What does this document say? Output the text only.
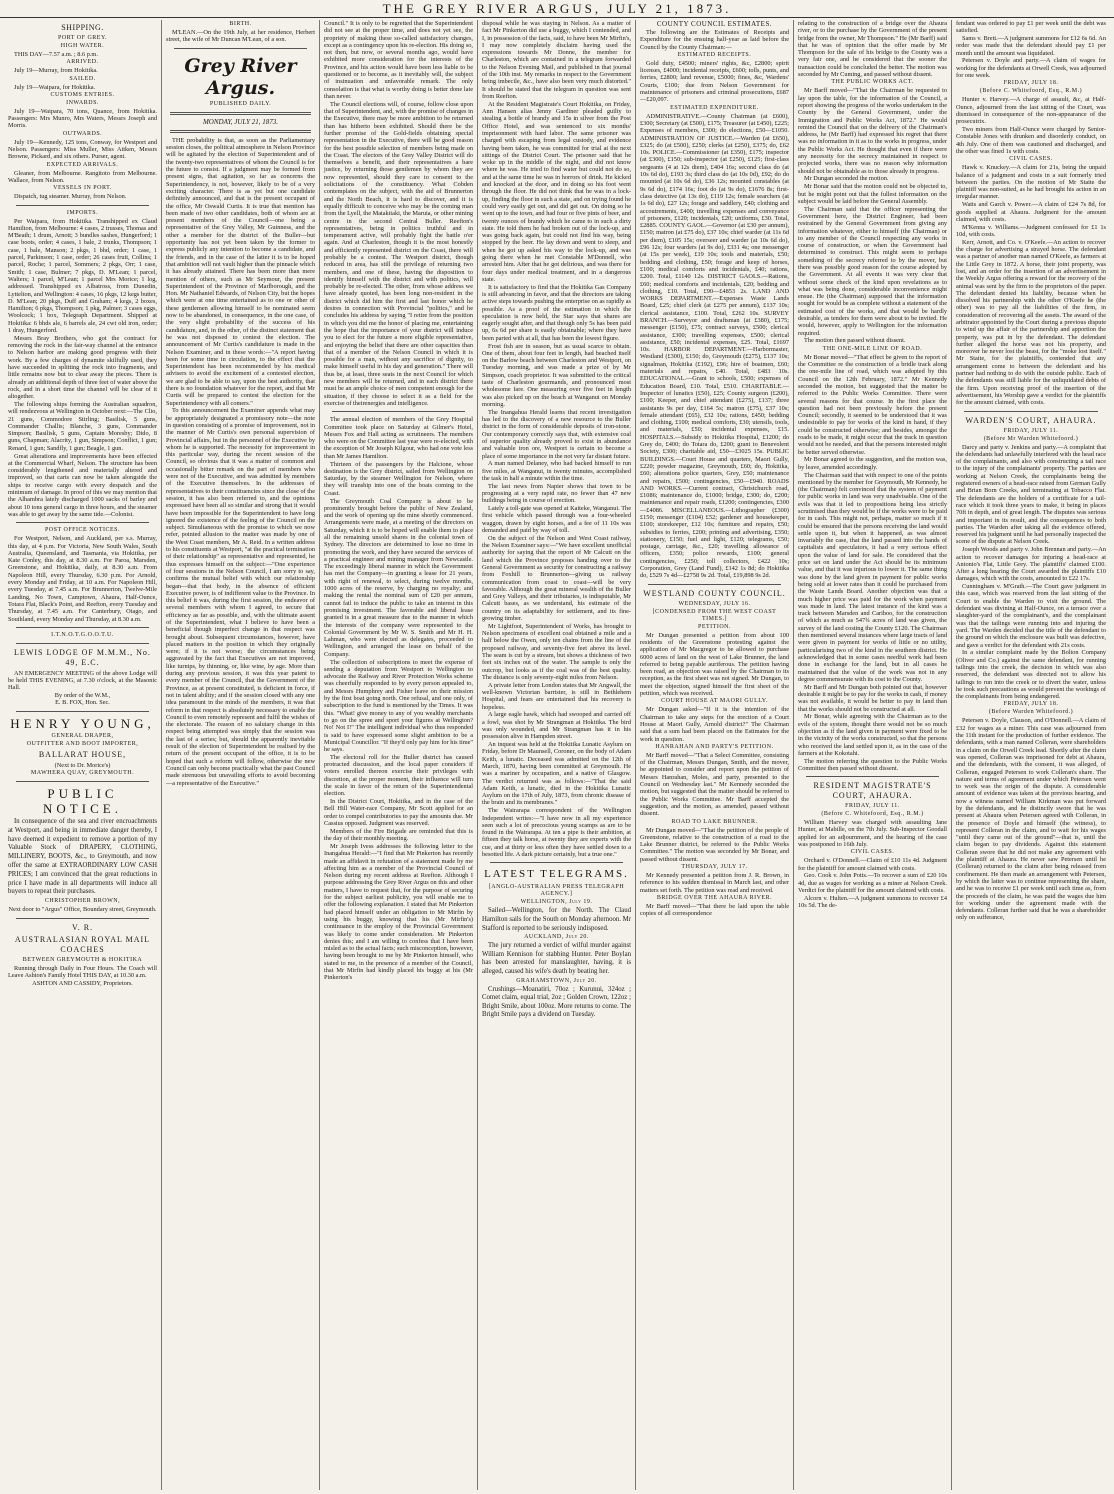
THE GREY RIVER ARGUS, JULY 21, 1873.
SHIPPING.
PORT OF GREY.
HIGH WATER.

THIS DAY—7.57 a.m. ; 8.6 p.m.

ARRIVED.

July 19—Murray, from Hokitika.

SAILED.

July 19—Waipara, for Hokitika.

CUSTOMS ENTRIES.
INWARDS.

July 19—Waipara, 70 tons, Quance, from Hokitika. Passengers: Mrs Munro, Mrs Waters, Messrs Joseph and Morris.

OUTWARDS.

July 19—Kennedy, 125 tons, Conway, for Westport and Nelson. Passengers: Miss Muller, Miss Aitken, Messrs Browne, Pickard, and six others. Purser, agent.

EXPECTED ARRIVALS.

Gleaner, from Melbourne. Rangitoto from Melbourne. Wallace, from Nelson.

VESSELS IN PORT.

Dispatch, tug steamer. Murray, from Nelson.

IMPORTS.

Per Waipara, from Hokitika. Transhipped ex Claud Hamilton, from Melbourne: 4 cases, 2 trusses, Thomas and M'Beath; 1 drum, Arnott; 3 bundles sashes, Hungerford; 1 case boots, order; 4 cases, 1 bale, 2 trunks, Thompson; 1 case, 1 bale, Manson; 2 pkgs, 1 bhd, order; 1 case, 1 parcel, Parkinson; 1 case, order; 26 cases fruit, Collins; 1 parcel, Roche; 1 parcel, Sommers; 2 pkgs, Orr; 1 case, Smith; 1 case, Bulmer; 7 pkgs, D. M'Lean; 1 parcel, Walters; 1 parcel, M'Lean; 1 parcel Mrs Morice; 1 log, addressed. Transhipped ex Albatross, from Dunedin, Lyttelton, and Wellington: 4 cases, 16 pkgs, 12 kegs butter, D. M'Lean; 20 pkgs, Duff and Graham; 4 kegs, 2 boxes, Hamilton; 6 pkgs, Thompson; 1 pkg, Palmer; 3 cases eggs, Woolcock; 1 box, Telegraph Department. Shipped at Hokitika: 6 bhds ale, 6 barrels ale, 24 cwt old iron, order; 1 dray, Hungerford.

Messrs Bray Brothers, who got the contract for removing the rock in the fair-way channel at the entrance to Nelson harbor are making good progress with their work. By a few charges of dynamite skilfully used, they have succeeded in splitting the rock into fragments, and little remains now but to clear away the pieces. There is already an additional depth of three feet of water above the rock, and in a short time the channel will be clear of it altogether.

The following ships forming the Australian squadron, will rendezvous at Wellington in October next:—The Clio, 21 guns, Commodore Stirling; Basilisk, 5 guns, Commander Challis; Blanche, 3 guns, Commander Simpson; Basilisk, 5 guns, Captain Moresby; Dido, 8 guns, Chapman; Alacrity, 1 gun, Simpson; Conflict, 1 gun; Renard, 1 gun; Sandfly, 1 gun; Beagle, 1 gun.

Great alterations and improvements have been effected at the Commercial Wharf, Nelson. The structure has been considerably lengthened and materially altered and improved, so that carts can now be taken alongside the ships to receive cargo with every despatch and the minimum of damage. In proof of this we may mention that the Alhambra lately discharged 1000 sacks of barley and about 10 tons general cargo in three hours, and the steamer was able to get away by the same tide.—Colonist.

POST OFFICE NOTICES.

For Westport, Nelson, and Auckland, per s.s. Murray, this day, at 4 p.m. For Victoria, New South Wales, South Australia, Queensland, and Tasmania, via Hokitika, per Kate Conley, this day, at 8.30 a.m. For Paroa, Marsden, Greenstone, and Hokitika, daily, at 8.30 a.m. From Napoleon Hill, every Thursday, 6.30 p.m. For Arnold, every Monday and Friday, at 10 a.m. For Napoleon Hill, every Tuesday, at 7.45 a.m. For Brunnerton, Twelve-Mile Landing, No Town, Camptown, Ahaura, Half-Ounce, Totara Flat, Black's Point, and Reefton, every Tuesday and Thursday, at 7.45 a.m. For Canterbury, Otago, and Southland, every Monday and Thursday, at 8.30 a.m.

I.T.N.O.T.G.O.O.T.U.
LEWIS LODGE OF M.M.M., No. 49, E.C.

AN EMERGENCY MEETING of the above Lodge will be held THIS EVENING, at 7.30 o'clock, at the Masonic Hall.

By order of the W.M.,
E. B. FOX, Hon. Sec.
HENRY YOUNG,
GENERAL DRAPER,
OUTFITTER AND BOOT IMPORTER,
BALLARAT HOUSE,
(Next to Dr. Morice's)
MAWHERA QUAY, GREYMOUTH.
PUBLIC NOTICE.

In consequence of the sea and river encroachments at Westport, and being in immediate danger thereby, I have deemed it expedient to remove a portion of my Valuable Stock of DRAPERY, CLOTHING, MILLINERY, BOOTS, &c., to Greymouth, and now offer the same at EXTRAORDINARY LOW CASH PRICES; I am convinced that the great reductions in price I have made in all departments will induce all buyers to repeat their purchases.

CHRISTOPHER BROWN,
Next door to "Argus" Office, Boundary street, Greymouth.
V. R.
AUSTRALASIAN ROYAL MAIL COACHES
BETWEEN GREYMOUTH & HOKITIKA

Running through Daily in Four Hours. The Coach will Leave Ashton's Family Hotel THIS DAY, at 10.30 a.m.

ASHTON AND CASSIDY, Proprietors.
BIRTH.

M'LEAN.—On the 19th July, at her residence, Herbert street, the wife of Mr Duncan M'Lean, of a son.

Grey River Argus.
PUBLISHED DAILY.
MONDAY, JULY 21, 1873.

THE probability is that, as soon as the Parliamentary session closes, the political atmosphere in Nelson Province will be agitated by the election of Superintendent and of the twenty-two representatives of whom the Council is for the future to consist. If a judgment may be formed from present signs, that agitation, so far as concerns the Superintendency, is not, however, likely to be of a very exciting character. There is as yet but one candidate definitely announced, and that is the present occupant of the office, Mr Oswald Curtis. It is true that mention has been made of two other candidates, both of whom are at present members of the Council—one being a representative of the Grey Valley, Mr Guinness, and the other a member for the district of the Buller—but opportunity has not yet been taken by the former to express publicly any intention to become a candidate, and the friends, and in the case of the latter it is to be hoped that ambition will not vault higher than the pinnacle which it has already attained. There has been more than mere mention of others, such as Mr Seymour, the present Superintendent of the Province of Marlborough, and the Hon. Mr Nathaniel Edwards, of Nelson City, but the hopes which were at one time entertained as to one or other of these gentlemen allowing himself to be nominated seem now to be abandoned, in consequence, in the one case, of the very slight probability of the success of his candidature, and, in the other, of the distinct statement that he was not disposed to contest the election. The announcement of Mr Curtis's candidature is made in the Nelson Examiner, and in these words:—"A report having been for some time in circulation, to the effect that the Superintendent has been recommended by his medical advisers to avoid the excitement of a contested election, we are glad to be able to say, upon the best authority, that there is no foundation whatever for the report, and that Mr Curtis will be prepared to contest the election for the Superintendency with all comers."

To this announcement the Examiner appends what may be appropriately designated a promissory note—the note in question consisting of a promise of improvement, not in the manner of Mr Curtis's own personal supervision of Provincial affairs, but in the personnel of the Executive by whom he is supported. The necessity for improvement in this particular way, during the recent session of the Council, so obvious that it was a matter of common and occasionally bitter remark on the part of members who were not of the Executive, and was admitted by members of the Executive themselves. In the addresses of representatives to their constituencies since the close of the session, it has also been referred to, and the opinions expressed have been all so similar and strong that it would have been impossible for the Superintendent to have long ignored the existence of the feeling of the Council on the subject. Simultaneous with the promise to which we now refer, pointed allusion to the matter was made by one of the West Coast members, Mr A. Reid. In a written address to his constituents at Westport, "at the practical termination of their relationship" as representative and represented, he thus expresses himself on the subject:—"One experience of four sessions in the Nelson Council, I am sorry to say, confirms the mutual belief with which our relationship began—that that body, in the absence of efficient Executive power, is of indifferent value to the Province. In this belief it was, during the first session, the endeavor of several members with whom I agreed, to secure that efficiency as far as possible, and, with the ultimate assent of the Superintendent, what I believe to have been a beneficial though imperfect change in that respect was brought about. Subsequent circumstances, however, have placed matters in the position in which they originally were; if it is not worse; the circumstances being aggravated by the fact that Executives are not improved, like turnips, by thinning, or, like wine, by age. More than during any previous session, it was this year patent to every member of the Council, that the Government of the Province, as at present constituted, is deficient in force, if not in talent ability; and if the session closed with any one idea paramount in the minds of the members, it was that reform in that respect is absolutely necessary to enable the Council to even remotely represent and fulfil the wishes of the electorate. The reason of no salutary change in this respect being attempted was simply that the session was the last of a series; but, should the apparently inevitable result of the election of Superintendent be realised by the return of the present occupant of the office, it is to be hoped that such a reform will follow, otherwise the new Council can only become practically what the past Council made strenuous but unavailing efforts to avoid becoming—a representative of the Executive."

Council." It is only to be regretted that the Superintendent did not see at the proper time, and does not yet see, the propriety of making these so-called satisfactory changes, except as a contingency upon his re-election. His doing so, not then, but now, or several months ago, would have exhibited more consideration for the interests of the Province, and his action would have been less liable to be questioned or to become, as it inevitably will, the subject of insinuation and unfavorable remark. The only consolation is that what is worthy doing is better done late than never.

The Council elections will, of course, follow close upon that of Superintendent, and, with the promise of changes in the Executive, there may be more ambition to be returned than has hitherto been exhibited. Should there be the further promise of the Gold-fields obtaining special representation in the Executive, there will be good reason for the best possible selection of members being made on the Coast. The electors of the Grey Valley District will do themselves a benefit, and their representatives a bare justice, by returning those gentlemen by whom they are now represented, should they care to consent to the solicitations of the constituency. What Cobden contemplates on the subject, with the aid of Brunnerton and the North Beach, it is hard to discover, and it is equally difficult to conceive who may be the coming man from the Lyell, the Matakitaki, the Maruia, or other mining centre in the second Central Buller. Reefton's representatives, being in politics truthful and in temperament active, will probably fight the battle o'er again. And at Charleston, though it is the most honestly and efficiently represented district on the Coast, there will probably be a contest. The Westport district, though reduced in area, has still the privilege of returning two members, and one of these, having the disposition to identify himself with the district and with politics, will probably be re-elected. The other, from whose address we have already quoted, has been long non-resident in the district which did him the first and last honor which he desires in connection with Provincial "politics," and he concludes his address by saying "I retire from the position in which you did me the honor of placing me, entertaining the hope that the importance of your district will induce you to elect for the future a more eligible representative, and enjoying the belief that there are other capacities than that of a member of the Nelson Council in which it is possible for a man, without any sacrifice of dignity, to make himself useful in his day and generation." There will thus be, at least, three seats in the next Council for which new members will be returned, and in each district there must be an ample choice of men competent enough for the situation, if they choose to select it as a field for the exercise of theirenergies and intelligence.

The annual election of members of the Grey Hospital Committee took place on Saturday at Gilmer's Hotel, Messrs Fox and Hall acting as scrutineers. The members who were on the Committee last year were re-elected, with the exception of Mr Joseph Kilgour, who had one vote less than Mr James Hamilton.

Thirteen of the passengers by the Halcione, whose destination is the Grey district, sailed from Wellington on Saturday, by the steamer Wellington for Nelson, where they will tranship into one of the boats coming to the Coast.

The Greymouth Coal Company is about to be prominently brought before the public of New Zealand, and the work of opening up the mine shortly commenced. Arrangements were made, at a meeting of the directors on Saturday, which it is to be hoped will enable them to place all the remaining unsold shares in the colonial town of Sydney. The directors are determined to lose no time in promoting the work, and they have secured the services of a practical engineer and mining manager from Newcastle. The exceedingly liberal manner in which the Government has met the Company—in granting a lease for 21 years, with right of renewal, to select, during twelve months, 1000 acres of the reserve, by charging no royalty; and making the rental the nominal sum of £20 per annum, cannot fail to induce the public to take an interest in this promising investment. The favorable and liberal lease granted is in a great measure due to the manner in which the interests of the company were represented to the Colonial Government by Mr W. S. Smith and Mr H. H. Lahman, who were elected as delegates, proceeded to Wellington, and arranged the lease on behalf of the Company.

The collection of subscriptions to meet the expense of sending a deputation from Westport to Wellington to advocate the Railway and River Protection Works scheme was cheerfully responded to by every person appealed to, and Messrs Humphrey and Fisher leave on their mission by the first boat going north. One refusal, and one only, of subscription to the fund is mentioned by the Times. It was this. "What! give money to any of you wealthy merchants to go on the spree and sport your figures at Wellington? No! Not I!" The intelligent individual who thus responded is said to have expressed some slight ambition to be a Municipal Councillor. "If they'd only pay him for his time" he says.

The electoral roll for the Buller district has caused protracted discussion, and the local paper considers if voters enrolled thereon exercise their privileges with discretion, at the proper moment, their influence will turn the scale in favor of the return of the Superintendental election.

In the District Court, Hokitika, and in the case of the Bell Hill Water-race Company, Mr Scott applied for an order to compel contributories to pay the amounts due. Mr Cassius opposed. Judgment was reserved.

Members of the Fire Brigade are reminded that this is the day of their monthly meeting.

Mr Joseph Ivess addresses the following letter to the Inangahua Herald:—"I find that Mr Pinkerton has recently made an affidavit in refutation of a statement made by me affecting him as a member of the Provincial Council of Nelson during my recent address at Reefton. Although I purpose addressing the Grey River Argus on this and other matters, I have to request that, for the purpose of securing for the subject earliest publicity, you will enable me to offer the following explanation. I stated that Mr Pinkerton had placed himself under an obligation to Mr Mirfin by using his buggy, knowing that his (Mr Mirfin's) continuance in the employ of the Provincial Government was likely to come under consideration. Mr Pinkerton denies this; and I am willing to confess that I have been misled as to the actual facts; such misconception, however, having been brought to me by Mr Pinkerton himself, who stated to me, in the presence of a member of the Council, that Mr Mirfin had kindly placed his buggy at his (Mr Pinkerton's

disposal while he was staying in Nelson. As a matter of fact Mr Pinkerton did use a buggy, which I contended, and I, in possession of the facts, said, to have been Mr Mirfin's, I may now completely disclaim having used the expressions towards Mr Donne, the member for Charleston, which are contained in a telegram forwarded to the Nelson Evening Mail, and published in that journal of the 10th inst. My remarks in respect to the Government being imbecile, &c., have also been very much distorted." It should be stated that the telegram in question was sent from Reefton.

At the Resident Magistrate's Court Hokitika, on Friday, Ann Hansen alias Jenny Gardiner pleaded guilty to stealing a bottle of brandy and 15s in silver from the Post Office Hotel, and was sentenced to six months' imprisonment with hard labor. The same prisoner was charged with escaping from legal custody, and evidence having been taken, he was committed for trial at the next sittings of the District Court. The prisoner said that he woke up in the middle of the night, and did not know where he was. He tried to find water but could not do so, and at the same time he was in horrors of drink. He kicked and knocked at the door, and in doing so his foot went through the floor. He did not think that he was in a lock-up, finding the floor in such a state, and on trying found he could very easily get out, and did get out. On doing so he went up to the town, and had four or five pints of beer, and twenty ounces of brandy which he came to in such a dirty state. He told them he had broken out of the lock-up, and was going back again, but could not find his way, being stopped by the beer. He lay down and went to sleep, and when he got up asked his way to the lock-up, and was going there when he met Constable M'Donnell, who arrested him. After that he got delirious, and was there for four days under medical treatment, and in a dangerous state.

It is satisfactory to find that the Hokitika Gas Company is still advancing in favor, and that the directors are taking active steps towards pushing the enterprise on as rapidly as possible. As a proof of the estimation in which the speculation is now held, the Star says that shares are eagerly sought after, and that though only 5s has been paid up, 6s 6d per share is easily obtainable; where they have been parted with at all, that has been the lowest figure.

Frost fish are in season, but as usual scarce to obtain. One of them, about four feet in length, had beached itself on the Barlow beach between Charleston and Westport, on Tuesday morning, and was made a prize of by Mr Simpson, coach proprietor. It was submitted to the critical taste of Charleston gourmands, and pronounced most wholesome fare. One measuring over five feet in length was also picked up on the beach at Wanganui on Monday morning.

The Inangahua Herald learns that recent investigation has led to the discovery of a new resource to the Buller district in the form of considerable deposits of iron-stone. Our contemporary correctly says that, with extensive coal of superior quality already proved to exist in abundance and valuable iron ore, Westport is certain to become a place of some importance in the not very far distant future.

A man named Delaney, who had backed himself to run five miles, at Wanganui, in twenty minutes, accomplished the task in half a minute within the time.

The last news from Napier shows that town to be progressing at a very rapid rate, no fewer than 47 new buildings being in course of erection.

Lately a toll-gate was opened at Kaiteke, Wanganui. The first vehicle which passed through was a four-wheeled waggon, drawn by eight horses, and a fee of 11 10s was demanded and paid by way of toll.

On the subject of the Nelson and West Coast railway, the Nelson Examiner says:—"We have excellent unofficial authority for saying that the report of Mr Calcutt on the land which the Province proposes handing over to the General Government as security for constructing a railway from Foxhill to Brunnerton—giving us railway communication from coast to coast—will be very favorable. Although the great mineral wealth of the Buller and Grey Valleys, and their tributaries, is indisputable, Mr Calcutt bases, as we understand, his estimate of the country on its adaptability for settlement, and its fine-growing timber.

Mr Lightfoot, Superintendent of Works, has brought to Nelson specimens of excellent coal obtained a mile and a half below the Owen, only ten chains from the line of the proposed railway, and seventy-five feet above its level. The seam is cut by a stream, but shows a thickness of two feet six inches out of the water. The sample is only the outcrop, but looks as if the coal was of the best quality. The distance is only seventy-eight miles from Nelson.

A private letter from London states that Mr Angwall, the well-known Victorian barrister, is still in Bethlehem Hospital, and fears are entertained that his recovery is hopeless.

A large eagle hawk, which had swooped and carried off a fowl, was shot by Mr Strangman at Hokitika. The bird was only wounded, and Mr Strangman has it in his possession alive in Hampden street.

An inquest was held at the Hokitika Lunatic Asylum on Friday, before Dr Maunsell, Coroner, on the body of Adam Keith, a lunatic. Deceased was admitted on the 12th of March, 1870, having been committed at Greymouth. He was a mariner by occupation, and a native of Glasgow. The verdict returned was as follows:—"That the said Adam Keith, a lunatic, died in the Hokitika Lunatic Asylum on the 17th of July, 1873, from chronic disease of the brain and its membranes."

The Wairarapa correspondent of the Wellington Independent writes:—"I have now in all my experience seen such a lot of precocious young scamps as are to be found in the Wairarapa. At ten a pipe is their ambition, at fifteen they talk horse, at twenty they are experts with the cue, and at thirty or less often they have settled down to a besotted life. A dark picture certainly, but a true one."

LATEST TELEGRAMS.
[ANGLO-AUSTRALIAN PRESS TELEGRAPH AGENCY.]
WELLINGTON, July 19.

Sailed—Wellington, for the North. The Claud Hamilton sails for the South on Monday afternoon. Mr Stafford is reported to be seriously indisposed.

AUCKLAND, July 20.

The jury returned a verdict of wilful murder against William Kennison for stabbing Hunter. Peter Boylan has been arrested for manslaughter, having, it is alleged, caused his wife's death by beating her.

GRAHAMSTOWN, July 20.

Crushings—Moanatiri, 70oz ; Kurunui, 324oz ; Comet claim, equal trial, 2oz ; Golden Crown, 122oz ; Bright Smile, about 100oz. More returns to come. The Bright Smile pays a dividend on Tuesday.

COUNTY COUNCIL ESTIMATES.

The following are the Estimates of Receipts and Expenditure for the ensuing half-year as laid before the Council by the County Chairman:—

ESTIMATED RECEIPTS.

Gold duty, £4500; miners' rights, &c, £2800; spirit licenses, £4000; incidental receipts, £600; tolls, punts, and ferries, £2800; land revenue, £5000; fines, &c, Wardens' Courts, £100; due from Nelson Government for maintenance of prisoners and criminal prosecutions, £687—£20,097.

ESTIMATED EXPENDITURE.

ADMINISTRATIVE.—County Chairman (at £600), £300; Secretary (at £500), £175; Treasurer (at £450), £225; Expenses of members, £300; do elections, £50—£1050. ADMINISTRATION OF JUSTICE.—Warden (at £650), £325; do (at £500), £250; clerks (at £250), £375; do, £62 10s. POLICE.—Commissioner (at £350), £175; inspector (at £300), £150; sub-inspector (at £250), £125; first-class sergeants (4 at 12s diem), £404 16s; second class do (at 10s 6d do), £193 3s; third class do (at 10s 0d), £92; do do mounted (at 10s 6d do), £36 12s; mounted constables (at 9s 6d do), £174 16s; foot do (at 9s do), £1676 8s; first-class detective (at 13s do), £119 12s; female searchers (at 1s 6d do), £27 12s; forage and saddlery, £40; clothing and accoutrements, £400; travelling expenses and conveyance of prisoners, £120; incidentals, £20; uniforms, £30. Total, £2885. COUNTY GAOL.—Governor (at £30 per annum), £150; matron (at £75 do), £37 10s; chief warder (at 11s 6d per diem), £105 15s; overseer and warder (at 10s 6d do), £96 12s; four warders (at 9s do), £331 4s; one messenger (at 15s per week), £19 10s; tools and materials, £50; bedding and clothing, £50; forage and keep of horses, £100; medical comforts and incidentals, £40; rations, £200. Total, £1140 12s. DISTRICT GAOLS.—Rations, £60; medical comforts and incidentals, £20; bedding and clothing, £10. Total, £90—£4853 2s. LAND AND WORKS DEPARTMENT.—Expenses Waste Lands Board, £25; chief clerk (at £275 per annum), £137 10s; clerical assistance, £100. Total, £262 10s. SURVEY BRANCH.—Surveyor and draftsman (at £380), £175; messenger (£150), £75; contract surveys, £500; clerical assistance, £300; travelling expenses, £500; clerical assistance, £50; incidental expenses, £25. Total, £1697 10s. HARBOR DEPARTMENT.—Harbormaster, Westland (£300), £150; do, Greymouth (£275), £137 10s; signalman, Hokitika (£192), £96; hire of boatmen, £60; materials and repairs, £40. Total, £483 10s. EDUCATIONAL.—Grant to schools, £500; expenses of Education Board, £10. Total, £510. CHARITABLE.—Inspector of lunatics (£50), £25; County surgeon (£200), £100; Keeper, and chief attendant (£275), £137; three assistants 9s per day, £164 5s; matron (£75), £37 10s; female attendant (£65), £32 10s; rations, £450; bedding and clothing, £100; medical comforts, £30; utensils, tools, and materials, £50; incidental expenses, £15. HOSPITALS.—Subsidy to Hokitika Hospital, £1200; do Grey do, £400; do Totara do, £200; grant to Benevolent Society, £300; charitable aid, £50—£3025 15s. PUBLIC BUILDINGS.—Court House and quarters, Maori Gully, £220; powder magazine, Greymouth, £60; do, Hokitika, £60; alterations police quarters, Grey, £50; maintenance and repairs, £500; contingencies, £50—£940. ROADS AND WORKS.—Current contract, Christchurch road, £1086; maintenance do, £1000; bridge, £300; do, £200; maintenance and repair roads, £1200; contingencies, £300—£4086. MISCELLANEOUS.—Lithographer (£300) £150; messenger (£104) £52; gardener and housekeeper, £100; storekeeper, £12 10s; furniture and repairs, £50; subsidies to ferries, £200; printing and advertising, £350; stationery, £150; fuel and light, £120; telegrams, £50; postage, carriage, &c., £20; travelling allowance of officers, £350; police rewards, £100; general contingencies, £250; toll collectors, £422 10s; Corporation, Grey (Land Fund), £142 1s 8d; do Hokitika do, £529 7s 4d—£2758 9s 2d. Total, £19,898 9s 2d.

WESTLAND COUNTY COUNCIL.
WEDNESDAY, JULY 16.
[CONDENSED FROM THE WEST COAST TIMES.]
PETITION.

Mr Dungan presented a petition from about 100 residents of the Greenstone protesting against the application of Mr Macgregor to be allowed to purchase 6000 acres of land on the west of Lake Brunner, the land referred to being payable auriferous. The petition having been read, an objection was raised by the Chairman to its reception, as the first sheet was not signed. Mr Dungan, to meet the objection, signed himself the first sheet of the petition, which was received.

COURT HOUSE AT MAORI GULLY.

Mr Dungan asked—"If it is the intention of the Chairman to take any steps for the erection of a Court House at Maori Gully, Arnold district?" The Chairman said that a sum had been placed on the Estimates for the work in question.

HANRAHAN AND PARTY'S PETITION.

Mr Barff moved—"That a Select Committee, consisting of the Chairman, Messrs Dungan, Smith, and the mover, be appointed to consider and report upon the petition of Messrs Hanrahan, Moles, and party, presented to the Council on Wednesday last." Mr Kennedy seconded the motion, but suggested that the matter should be referred to the Public Works Committee. Mr Barff accepted the suggestion, and the motion, as amended, passed without dissent.

ROAD TO LAKE BRUNNER.

Mr Dungan moved—"That the petition of the people of Greenstone, relative to the construction of a road to the Lake Brunner district, be referred to the Public Works Committee." The motion was seconded by Mr Bonar, and passed without dissent.

THURSDAY, JULY 17.

Mr Kennedy presented a petition from J. R. Brown, in reference to his sudden dismissal in March last, and other matters set forth. The petition was read and received.

BRIDGE OVER THE AHAURA RIVER.

Mr Barff moved—"That there be laid upon the table copies of all correspondence

relating to the construction of a bridge over the Ahaura river, or to the purchase by the Government of the present bridge from the owner, Mr Thompson." He (Mr Barff) said that he was of opinion that the offer made by Mr Thompson for the sale of his bridge to the County was a very fair one, and he considered that the sooner the transaction could be concluded the better. The motion was seconded by Mr Cuming, and passed without dissent.

THE PUBLIC WORKS ACT.

Mr Barff moved—"That the Chairman be requested to lay upon the table, for the information of the Council, a report showing the progress of the works undertaken in the County by the General Government, under the Immigration and Public Works Act, 1872." He would remind the Council that on the delivery of the Chairman's address, he (Mr Barff) had expressed his regret that there was no information in it as to the works in progress, under the Public Works Act. He thought that even if there were any necessity for the secrecy maintained in respect to projected works, there was no reason why information should not be obtainable as to those already in progress.

Mr Dungan seconded the motion.

Mr Bonar said that the motion could not be objected to, but he might point out that the fullest information on the subject would be laid before the General Assembly.

The Chairman said that the officer representing the Government here, the District Engineer, had been restrained by the General Government from giving any information whatever, either to himself (the Chairman) or to any member of the Council respecting any works in course of construction, or when the Government had determined to construct. This might seem to perhaps something of the secrecy referred to by the mover, but there was possibly good reason for the course adopted by the Government. At all events it was very clear that without some check of the kind upon revelations as to what was being done, considerable inconvenience might ensue. He (the Chairman) supposed that the information sought for would be as complete without a statement of the estimated cost of the works, and that would be hardly desirable, as tenders for them were about to be invited. He would, however, apply to Wellington for the information required.

The motion then passed without dissent.

THE ONE-MILE LINE OF ROAD.

Mr Bonar moved—"That effect be given to the report of the Committee re the construction of a bridle track along the one-mile line of road, which was adopted by this Council on the 12th February, 1872." Mr Kennedy seconded the motion, but suggested that the matter be referred to the Public Works Committee. There were several reasons for that course. In the first place the question had not been previously before the present Council; secondly, it seemed to be understood that it was undesirable to pay for works of the kind in hand, if they could be constructed otherwise; and besides, amongst the roads to be made, it might occur that the track in question would not be needed, and that the persons interested might be better served otherwise.

Mr Bonar agreed to the suggestion, and the motion was, by leave, amended accordingly.

The Chairman said that with respect to one of the points mentioned by the member for Greymouth, Mr Kennedy, he (the Chairman) felt convinced that the system of payment for public works in land was very unadvisable. One of the evils was that it led to propositions being less strictly scrutinised than they would be if the works were to be paid for in cash. This might not, perhaps, matter so much if it could be ensured that the persons receiving the land would settle upon it, but when it happened, as was almost invariably the case, that the land passed into the hands of capitalists and speculators, it had a very serious effect upon the value of land for sale. He considered that the price set on land under the Act should be its minimum value, and that it was injurious to lower it. The same thing was done by the land given in payment for public works being sold at lower rates than it could be purchased from the Waste Lands Board. Another objection was that a much higher price was paid for the work when payment was made in land. The latest instance of the kind was a track between Marsden and Cariboo, for the construction of which as much as 547¾ acres of land was given, the survey of the land costing the County £120. The Chairman then mentioned several instances where large tracts of land were given in payment for works of little or no utility, particularising two of the kind in the southern district. He acknowledged that in some cases needful work had been done in exchange for the land, but in all cases he maintained that the value of the work was not in any degree commensurate with its cost to the County.

Mr Barff and Mr Dungan both pointed out that, however desirable it might be to pay for the works in cash, if money was not available, it would be better to pay in land than that the works should not be constructed at all.

Mr Bonar, while agreeing with the Chairman as to the evils of the system, thought there would not be so much objection as if the land given in payment were fixed to be in the vicinity of the works constructed, so that the persons who received the land settled upon it, as in the case of the farmers at the Kokotahi.

The motion referring the question to the Public Works Committee then passed without dissent.

RESIDENT MAGISTRATE'S COURT, AHAURA.
FRIDAY, JULY 11.
(Before C. Whitefoord, Esq., R.M.)

William Harvey was charged with assaulting Jane Hunter, at Mabille, on the 7th July. Sub-Inspector Goodall applied for an adjournment, and the hearing of the case was postponed to 16th July.

CIVIL CASES.

Orchard v. O'Donnell.—Claim of £10 11s 4d. Judgment for the plaintiff for amount claimed with costs.

Geo. Cook v. John Potts.—To recover a sum of £20 10s 4d, due as wages for working as a miner at Nelson Creek. Verdict for the plaintiff for the amount claimed with costs.

Alcorn v. Hulten.—A judgment summons to recover £4 10s 5d. The de-

fendant was ordered to pay £1 per week until the debt was satisfied.

Sams v. Brett.—A judgment summons for £12 6s 6d. An order was made that the defendant should pay £1 per month until the amount was liquidated.

Petersen v. Doyle and party.—A claim of wages for working for the defendants at Orwell Creek, was adjourned for one week.

FRIDAY, JULY 18.
(Before C. Whitefoord, Esq., R.M.)

Hunter v. Harvey.—A charge of assault, &c, at Half-Ounce, adjourned from the last sitting of the Court, was dismissed in consequence of the non-appearance of the prosecutrix.

Two miners from Half-Ounce were charged by Senior-Constable Jones with drunken and disorderly conduct, on 4th July. One of them was cautioned and discharged, and the other was fined 1s with costs.

CIVIL CASES.

Hawk v. Knuckey.—A claim for 21s, being the unpaid balance of a judgment and costs in a suit formerly tried between the parties. On the motion of Mr Staite the plaintiff was non-suited, as he had brought his action in an irregular manner.

Watts and Garch v. Power.—A claim of £24 7s 8d, for goods supplied at Ahaura. Judgment for the amount claimed, with costs.

M'Kenna v. Williams.—Judgment confessed for £1 1s 10d, with costs.

Kerr, Arnott, and Co. v. O'Keefe.—An action to recover the charge for advertising a strayed horse. The defendant was a partner of another man named O'Keefe, as farmers at the Little Grey in 1872. A horse, their joint property, was lost, and an order for the insertion of an advertisement in the Weekly Argus offering a reward for the recovery of the animal was sent by the firm to the proprietors of the paper. The defendant denied his liability, because when he dissolved his partnership with the other O'Keefe he (the other) was to pay all the liabilities of the firm, in consideration of recovering all the assets. The award of the arbitrator appointed by the Court during a previous dispute to wind up the affair of the partnership and apportion the property, was put in by the defendant. The defendant further alleged the horse was not his property, and moreover he never lost the beast, for the "moke lost itself." Mr Staite, for the plaintiffs, contended that any arrangement come to between the defendant and his partner had nothing to do with the outside public. Each of the defendants was still liable for the unliquidated debts of the firm. Upon receiving proof of the insertion of the advertisement, his Worship gave a verdict for the plaintiffs for the amount claimed, with costs.

WARDEN'S COURT, AHAURA.
FRIDAY, JULY 11.
(Before Mr Warden Whitefoord.)

Darcy and party v. Jenkins and party.—A complaint that the defendants had unlawfully interfered with the head race of the complainants, and also with constructing a tail race to the injury of the complainants' property. The parties are working at Nelson Creek, the complainants being the registered owners of a head-race raised from German Gully and Brian Born Creeks, and terminating at Tobacco Flat. The defendants are the holders of a certificate for a tail-race which it took three years to make, it being in places 70ft in depth, and of great length. The disputes was serious and important in its result, and the consequences to both parties. The Warden after taking all the evidence offered, reserved his judgment until he had personally inspected the scene of the dispute at Nelson Creek.

Joseph Woods and party v. John Brennan and party.—An action to recover damages for injuring a head-race at Antonio's Flat, Little Grey. The plaintiffs' claimed £100. After a long hearing the Court awarded the plaintiffs £10 damages, which with the costs, amounted to £22 17s.

Cunningham v. M'Grath.—The Court gave judgment in this case, which was reserved from the last sitting of the Court to enable the Warden to visit the ground. The defendant was divining at Half-Ounce, on a terrace over a slaughter-yard of the complainant's, and the complainant was that the tailings were running into and injuring the yard. The Warden decided that the title of the defendant to the ground on which the enclosure was built was defective, and gave a verdict for the defendant with 21s costs.

In a similar complaint made by the Bolton Company (Oliver and Co.) against the same defendant, for running tailings into the creek, the decision in which was also reserved, the defendant was directed not to allow his tailings to run into the creek or to divert the water, unless he took such precautions as would prevent the workings of the complainants from being endangered.

FRIDAY, JULY 18.
(Before Warden Whitefoord.)

Petersen v. Doyle, Clauson, and O'Donnell.—A claim of £32 for wages as a miner. This case was adjourned from the 11th instant for the production of further evidence. The defendants, with a man named Colleran, were shareholders in a claim on the Orwell Creek lead. Shortly after the claim was opened, Colleran was imprisoned for debt at Ahaura, and the defendants, with the consent, it was alleged, of Colleran, engaged Petersen to work Colleran's share. The nature and terms of agreement under which Petersen went to work was the origin of the dispute. A considerable amount of evidence was taken at the previous hearing, and now a witness named William Kirkman was put forward by the defendants, and he distinctly swore that he was present at Ahaura when Petersen agreed with Colleran, in the presence of Doyle and himself (the witness), to represent Colleran in the claim, and to wait for his wages "until they came out of the ground"—that is, until the claim began to pay dividends. Against this statement Colleran swore that he did not make any agreement with the plaintiff at Ahaura. He never saw Petersen until he (Colleran) returned to the claim after being released from confinement. He then made an arrangement with Petersen, by which the latter was to continue representing the share, and he was to receive £1 per week until such time as, from the proceeds of the claim, he was paid the wages due him for working under the agreement made with the defendants. Colleran further said that he was a shareholder only on sufferance,
